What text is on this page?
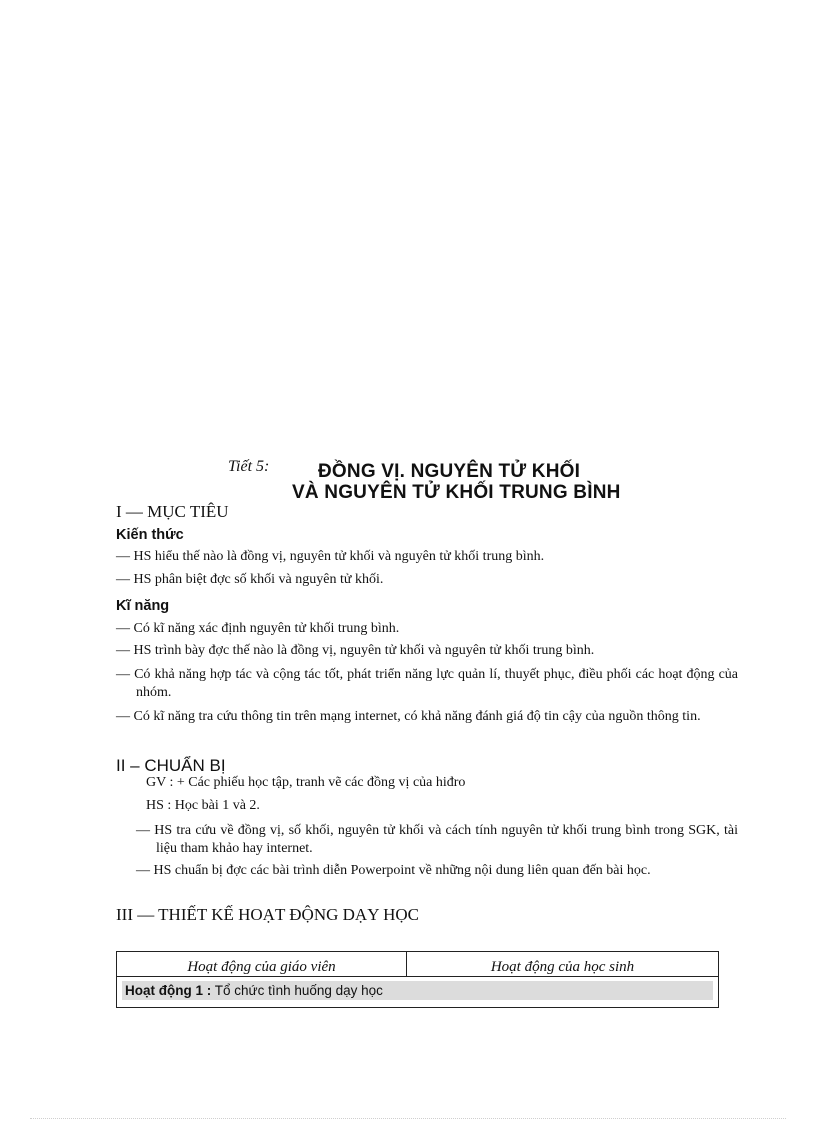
Tiết 5:	ĐỒNG VỊ. NGUYÊN TỬ KHỐI
VÀ NGUYÊN TỬ KHỐI TRUNG BÌNH
I — MỤC TIÊU
Kiến thức
— HS hiểu thế nào là đồng vị, nguyên tử khối và nguyên tử khối trung bình.
— HS phân biệt đợc số khối và nguyên tử khối.
Kĩ năng
— Có kĩ năng xác định nguyên tử khối trung bình.
— HS trình bày đợc thế nào là đồng vị, nguyên tử khối và nguyên tử khối trung bình.
— Có khả năng hợp tác và cộng tác tốt, phát triển năng lực quản lí, thuyết phục, điều phối các hoạt động của nhóm.
— Có kĩ năng tra cứu thông tin trên mạng internet, có khả năng đánh giá độ tin cậy của nguồn thông tin.
II – CHUẨN BỊ
GV : + Các phiếu học tập, tranh vẽ các đồng vị của hiđro
HS : Học bài 1 và 2.
— HS tra cứu về đồng vị, số khối, nguyên tử khối và cách tính nguyên tử khối trung bình trong SGK, tài liệu tham khảo hay internet.
— HS chuẩn bị đợc các bài trình diễn Powerpoint về những nội dung liên quan đến bài học.
III — THIẾT KẾ HOẠT ĐỘNG DẠY HỌC
Hoạt động của giáo viên	Hoạt động của học sinh

Hoạt động 1 : Tổ chức tình huống dạy học
